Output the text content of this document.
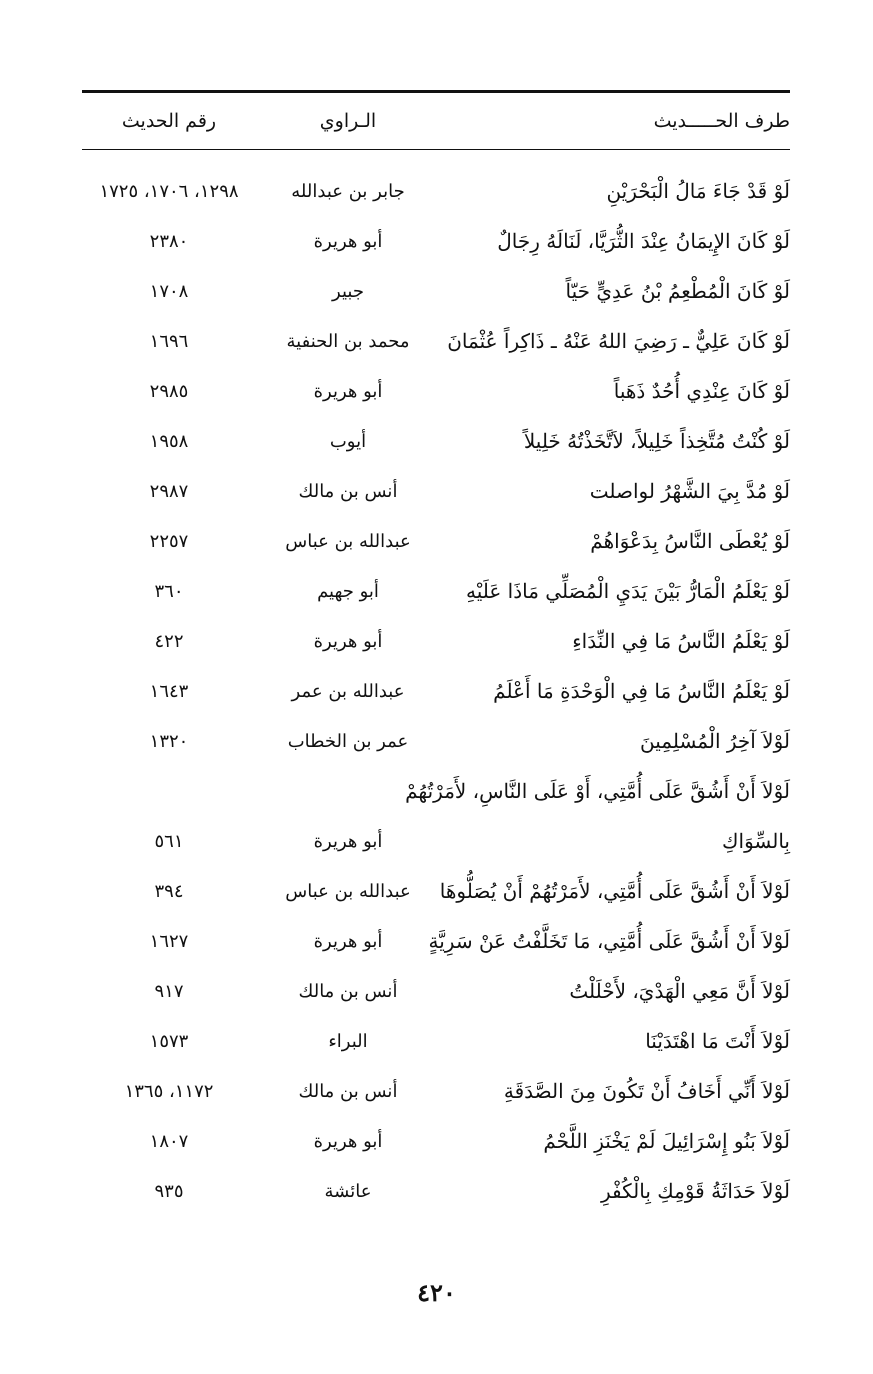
طرف الحـــــديث
الـراوي
رقم الحديث
لَوْ قَدْ جَاءَ مَالُ الْبَحْرَيْنِ
جابر بن عبدالله
١٢٩٨، ١٧٠٦، ١٧٢٥
لَوْ كَانَ الإِيمَانُ عِنْدَ الثُّرَيَّا، لَنَالَهُ رِجَالٌ
أبو هريرة
٢٣٨٠
لَوْ كَانَ الْمُطْعِمُ بْنُ عَدِيٍّ حَيّاً
جبير
١٧٠٨
لَوْ كَانَ عَلِيٌّ ـ رَضِيَ اللهُ عَنْهُ ـ ذَاكِراً عُثْمَانَ
محمد بن الحنفية
١٦٩٦
لَوْ كَانَ عِنْدِي أُحُدٌ ذَهَباً
أبو هريرة
٢٩٨٥
لَوْ كُنْتُ مُتَّخِذاً خَلِيلاً، لاَتَّخَذْتُهُ خَلِيلاً
أيوب
١٩٥٨
لَوْ مُدَّ بِيَ الشَّهْرُ لواصلت
أنس بن مالك
٢٩٨٧
لَوْ يُعْطَى النَّاسُ بِدَعْوَاهُمْ
عبدالله بن عباس
٢٢٥٧
لَوْ يَعْلَمُ الْمَارُّ بَيْنَ يَدَيِ الْمُصَلِّي مَاذَا عَلَيْهِ
أبو جهيم
٣٦٠
لَوْ يَعْلَمُ النَّاسُ مَا فِي النِّدَاءِ
أبو هريرة
٤٢٢
لَوْ يَعْلَمُ النَّاسُ مَا فِي الْوَحْدَةِ مَا أَعْلَمُ
عبدالله بن عمر
١٦٤٣
لَوْلاَ آخِرُ الْمُسْلِمِينَ
عمر بن الخطاب
١٣٢٠
لَوْلاَ أَنْ أَشُقَّ عَلَى أُمَّتِي، أَوْ عَلَى النَّاسِ، لأَمَرْتُهُمْ
بِالسِّوَاكِ
أبو هريرة
٥٦١
لَوْلاَ أَنْ أَشُقَّ عَلَى أُمَّتِي، لأَمَرْتُهُمْ أَنْ يُصَلُّوهَا
عبدالله بن عباس
٣٩٤
لَوْلاَ أَنْ أَشُقَّ عَلَى أُمَّتِي، مَا تَخَلَّفْتُ عَنْ سَرِيَّةٍ
أبو هريرة
١٦٢٧
لَوْلاَ أَنَّ مَعِي الْهَدْيَ، لأَحْلَلْتُ
أنس بن مالك
٩١٧
لَوْلاَ أَنْتَ مَا اهْتَدَيْنَا
البراء
١٥٧٣
لَوْلاَ أَنِّي أَخَافُ أَنْ تَكُونَ مِنَ الصَّدَقَةِ
أنس بن مالك
١١٧٢، ١٣٦٥
لَوْلاَ بَنُو إِسْرَائِيلَ لَمْ يَخْنَزِ اللَّحْمُ
أبو هريرة
١٨٠٧
لَوْلاَ حَدَاثَةُ قَوْمِكِ بِالْكُفْرِ
عائشة
٩٣٥
٤٢٠
